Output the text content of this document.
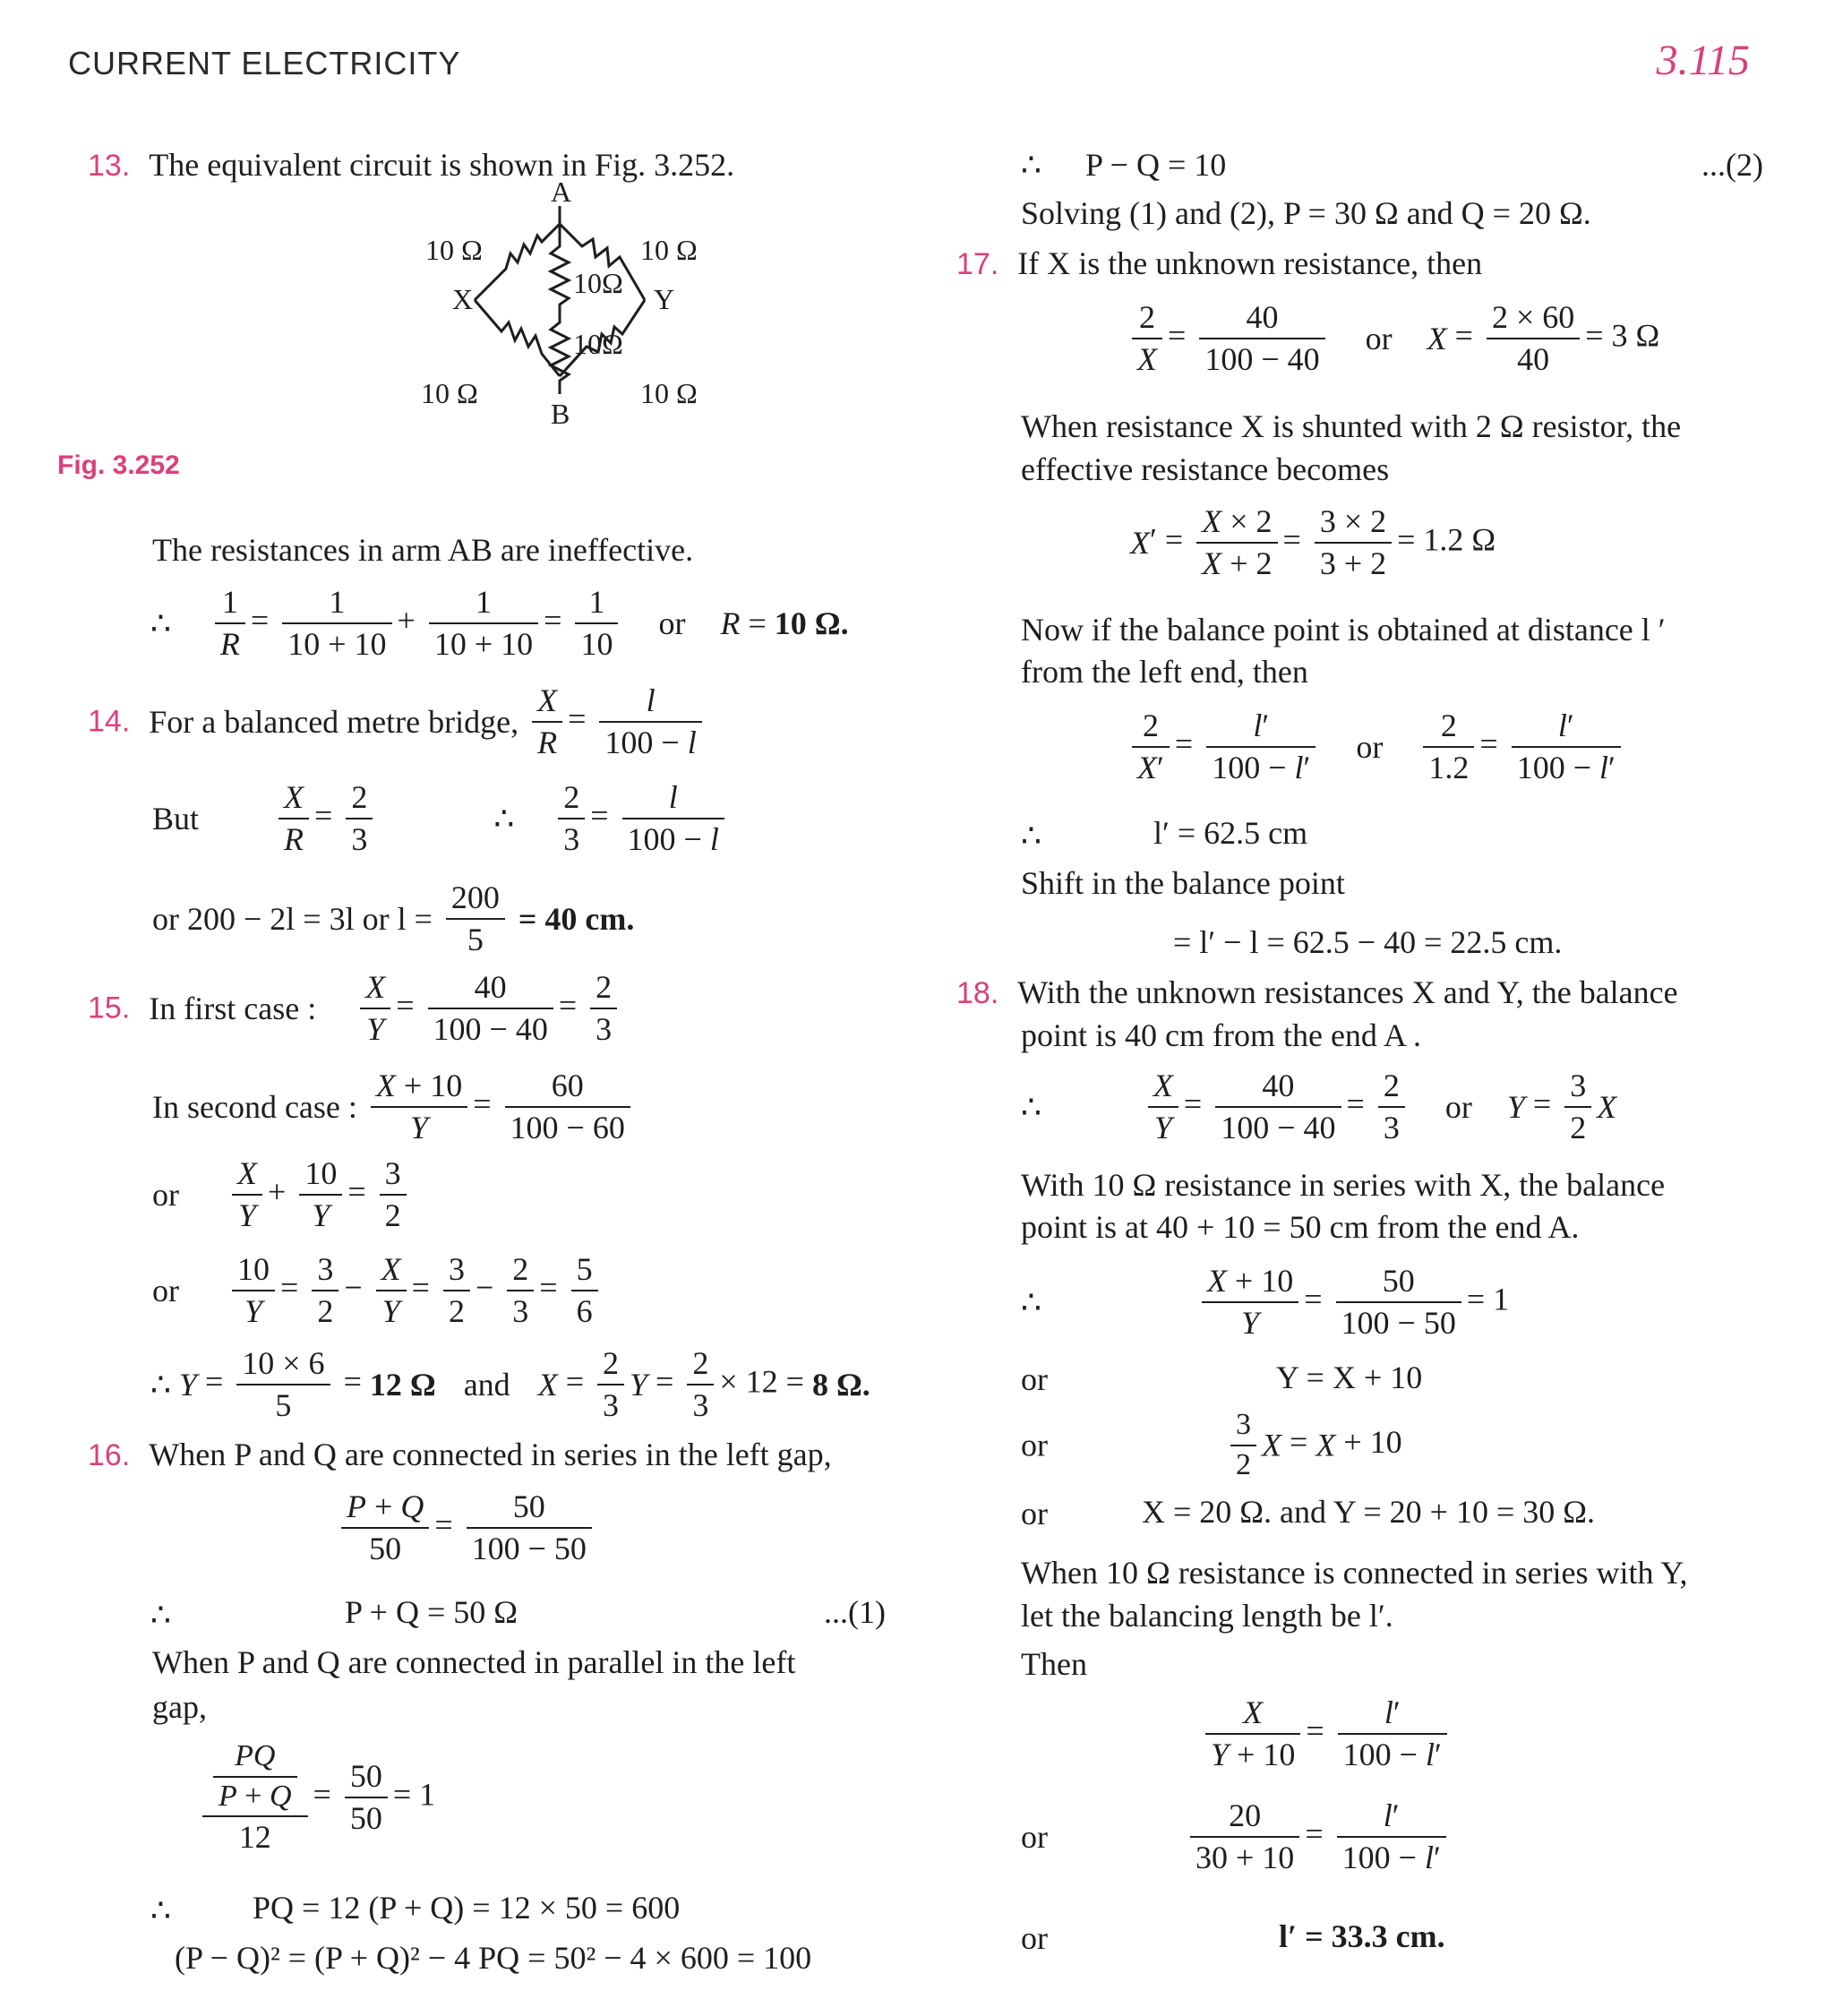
CURRENT ELECTRICITY	3.115
13. The equivalent circuit is shown in Fig. 3.252.
A
B
X	Y
10 Ω	10 Ω
10Ω
10Ω
10 Ω	10 Ω
Fig. 3.252
The resistances in arm AB are ineffective.
∴ $\frac{1}{R} = \frac{1}{10 + 10} + \frac{1}{10 + 10} = \frac{1}{10}$ or R = 10 Ω.
14. For a balanced metre bridge, $\frac{X}{R} = \frac{l}{100 - l}$
But $\frac{X}{R} = \frac{2}{3}$	∴ $\frac{2}{3} = \frac{l}{100 - l}$
or 200 − 2l = 3l or $l = \frac{200}{5} = 40$ cm.
15. In first case : $\frac{X}{Y} = \frac{40}{100 - 40} = \frac{2}{3}$
In second case : $\frac{X + 10}{Y} = \frac{60}{100 - 60}$
or $\frac{X}{Y} + \frac{10}{Y} = \frac{3}{2}$
or $\frac{10}{Y} = \frac{3}{2} - \frac{X}{Y} = \frac{3}{2} - \frac{2}{3} = \frac{5}{6}$
∴ $Y = \frac{10 \times 6}{5} = 12$ Ω and $X = \frac{2}{3}$ $Y = \frac{2}{3} \times 12 = 8$ Ω.
16. When P and Q are connected in series in the left gap,
$\frac{P + Q}{50} = \frac{50}{100 - 50}$
∴	P + Q = 50 Ω	...(1)
When P and Q are connected in parallel in the left
gap,
$\frac{\frac{PQ}{P + Q}}{12} = \frac{50}{50} = 1$
∴	PQ = 12 (P + Q) = 12 × 50 = 600
(P − Q)² = (P + Q)² − 4 PQ = 50² − 4 × 600 = 100
∴ P − Q = 10	...(2)
Solving (1) and (2), P = 30 Ω and Q = 20 Ω.
17. If X is the unknown resistance, then
$\frac{2}{X} = \frac{40}{100 - 40}$ or $X = \frac{2 \times 60}{40} = 3$ Ω
When resistance X is shunted with 2 Ω resistor, the
effective resistance becomes
$X' = \frac{X \times 2}{X + 2} = \frac{3 \times 2}{3 + 2} = 1.2$ Ω
Now if the balance point is obtained at distance l ′
from the left end, then
$\frac{2}{X'} = \frac{l'}{100 - l'}$ or $\frac{2}{1.2} = \frac{l'}{100 - l'}$
∴	l′ = 62.5 cm
Shift in the balance point
= l′ − l = 62.5 − 40 = 22.5 cm.
18. With the unknown resistances X and Y, the balance
point is 40 cm from the end A .
∴	$\frac{X}{Y} = \frac{40}{100 - 40} = \frac{2}{3}$ or $Y = \frac{3}{2}$ X
With 10 Ω resistance in series with X, the balance
point is at 40 + 10 = 50 cm from the end A.
∴	$\frac{X + 10}{Y} = \frac{50}{100 - 50} = 1$
or	Y = X + 10
or	$\frac{3}{2}$ X = X + 10
or	X = 20 Ω. and Y = 20 + 10 = 30 Ω.
When 10 Ω resistance is connected in series with Y,
let the balancing length be l′.
Then
$\frac{X}{Y + 10} = \frac{l'}{100 - l'}$
or	$\frac{20}{30 + 10} = \frac{l'}{100 - l'}$
or	l′ = 33.3 cm.
